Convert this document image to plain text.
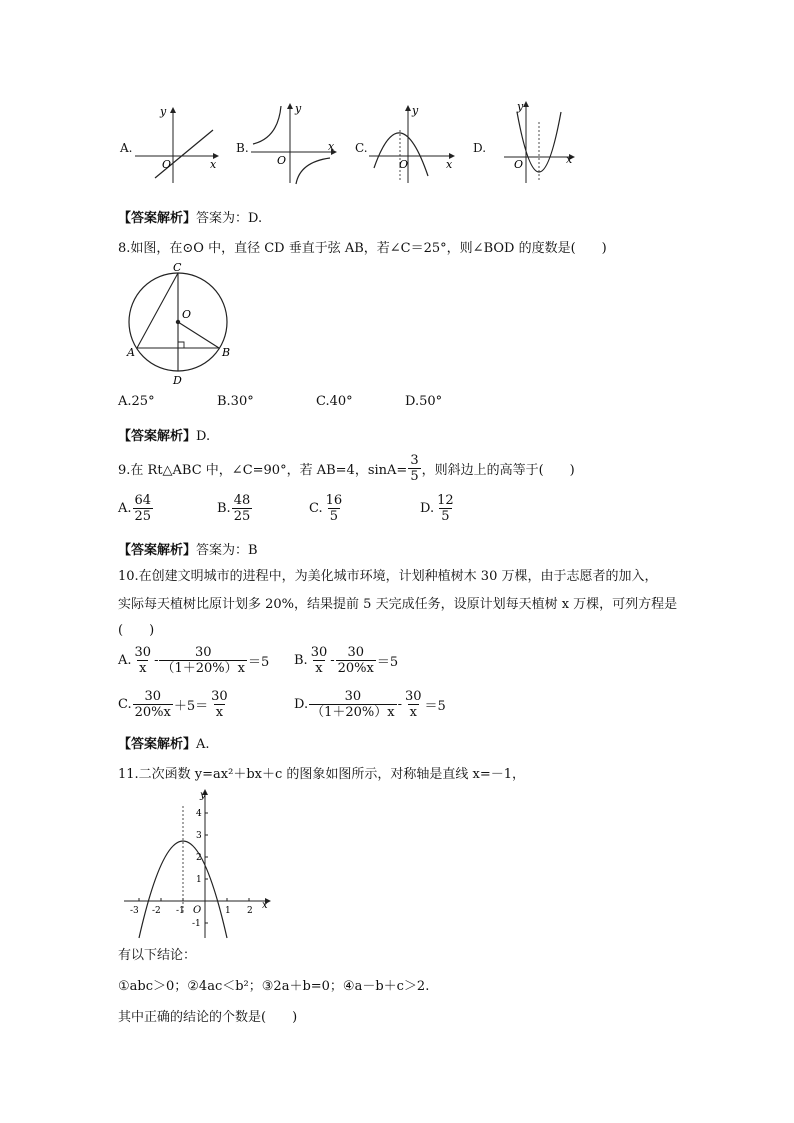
A.
y
x
O
B.
y
x
O
C.
y
x
O
D.
y
x
O
【答案解析】答案为：D.
8.如图，在⊙O 中，直径 CD 垂直于弦 AB，若∠C＝25°，则∠BOD 的度数是(　　)
C
O
A	B
D
A.25°	B.30°	C.40°	D.50°
【答案解析】D.
9.在 Rt△ABC 中，∠C=90°，若 AB=4，$\sin A= \frac{3}{5}$ ，则斜边上的高等于(　　)
A. $\frac{64}{25}$	B. $\frac{48}{25}$	C. $\frac{16}{5}$	D. $\frac{12}{5}$
【答案解析】答案为：B
10.在创建文明城市的进程中，为美化城市环境，计划种植树木 30 万棵，由于志愿者的加入，
实际每天植树比原计划多 20%，结果提前 5 天完成任务，设原计划每天植树 x 万棵，可列方程是
(　　)
A. $\frac{30}{x} - \frac{30}{(1+20\%)x} =5$ B. $\frac{30}{x} - \frac{30}{20\%x} =5$
C. $\frac{30}{20\%x} +5= \frac{30}{x}$	D. $\frac{30}{(1+20\%)x} - \frac{30}{x} =5$
【答案解析】A.
11.二次函数 y=ax²＋bx＋c 的图象如图所示，对称轴是直线 x=－1，
y
x
O
-3 -2 -1	1 2
4
3
2
1
-1
有以下结论：
①abc＞0；②4ac＜b²；③2a＋b=0；④a－b＋c＞2.
其中正确的结论的个数是(　　)
